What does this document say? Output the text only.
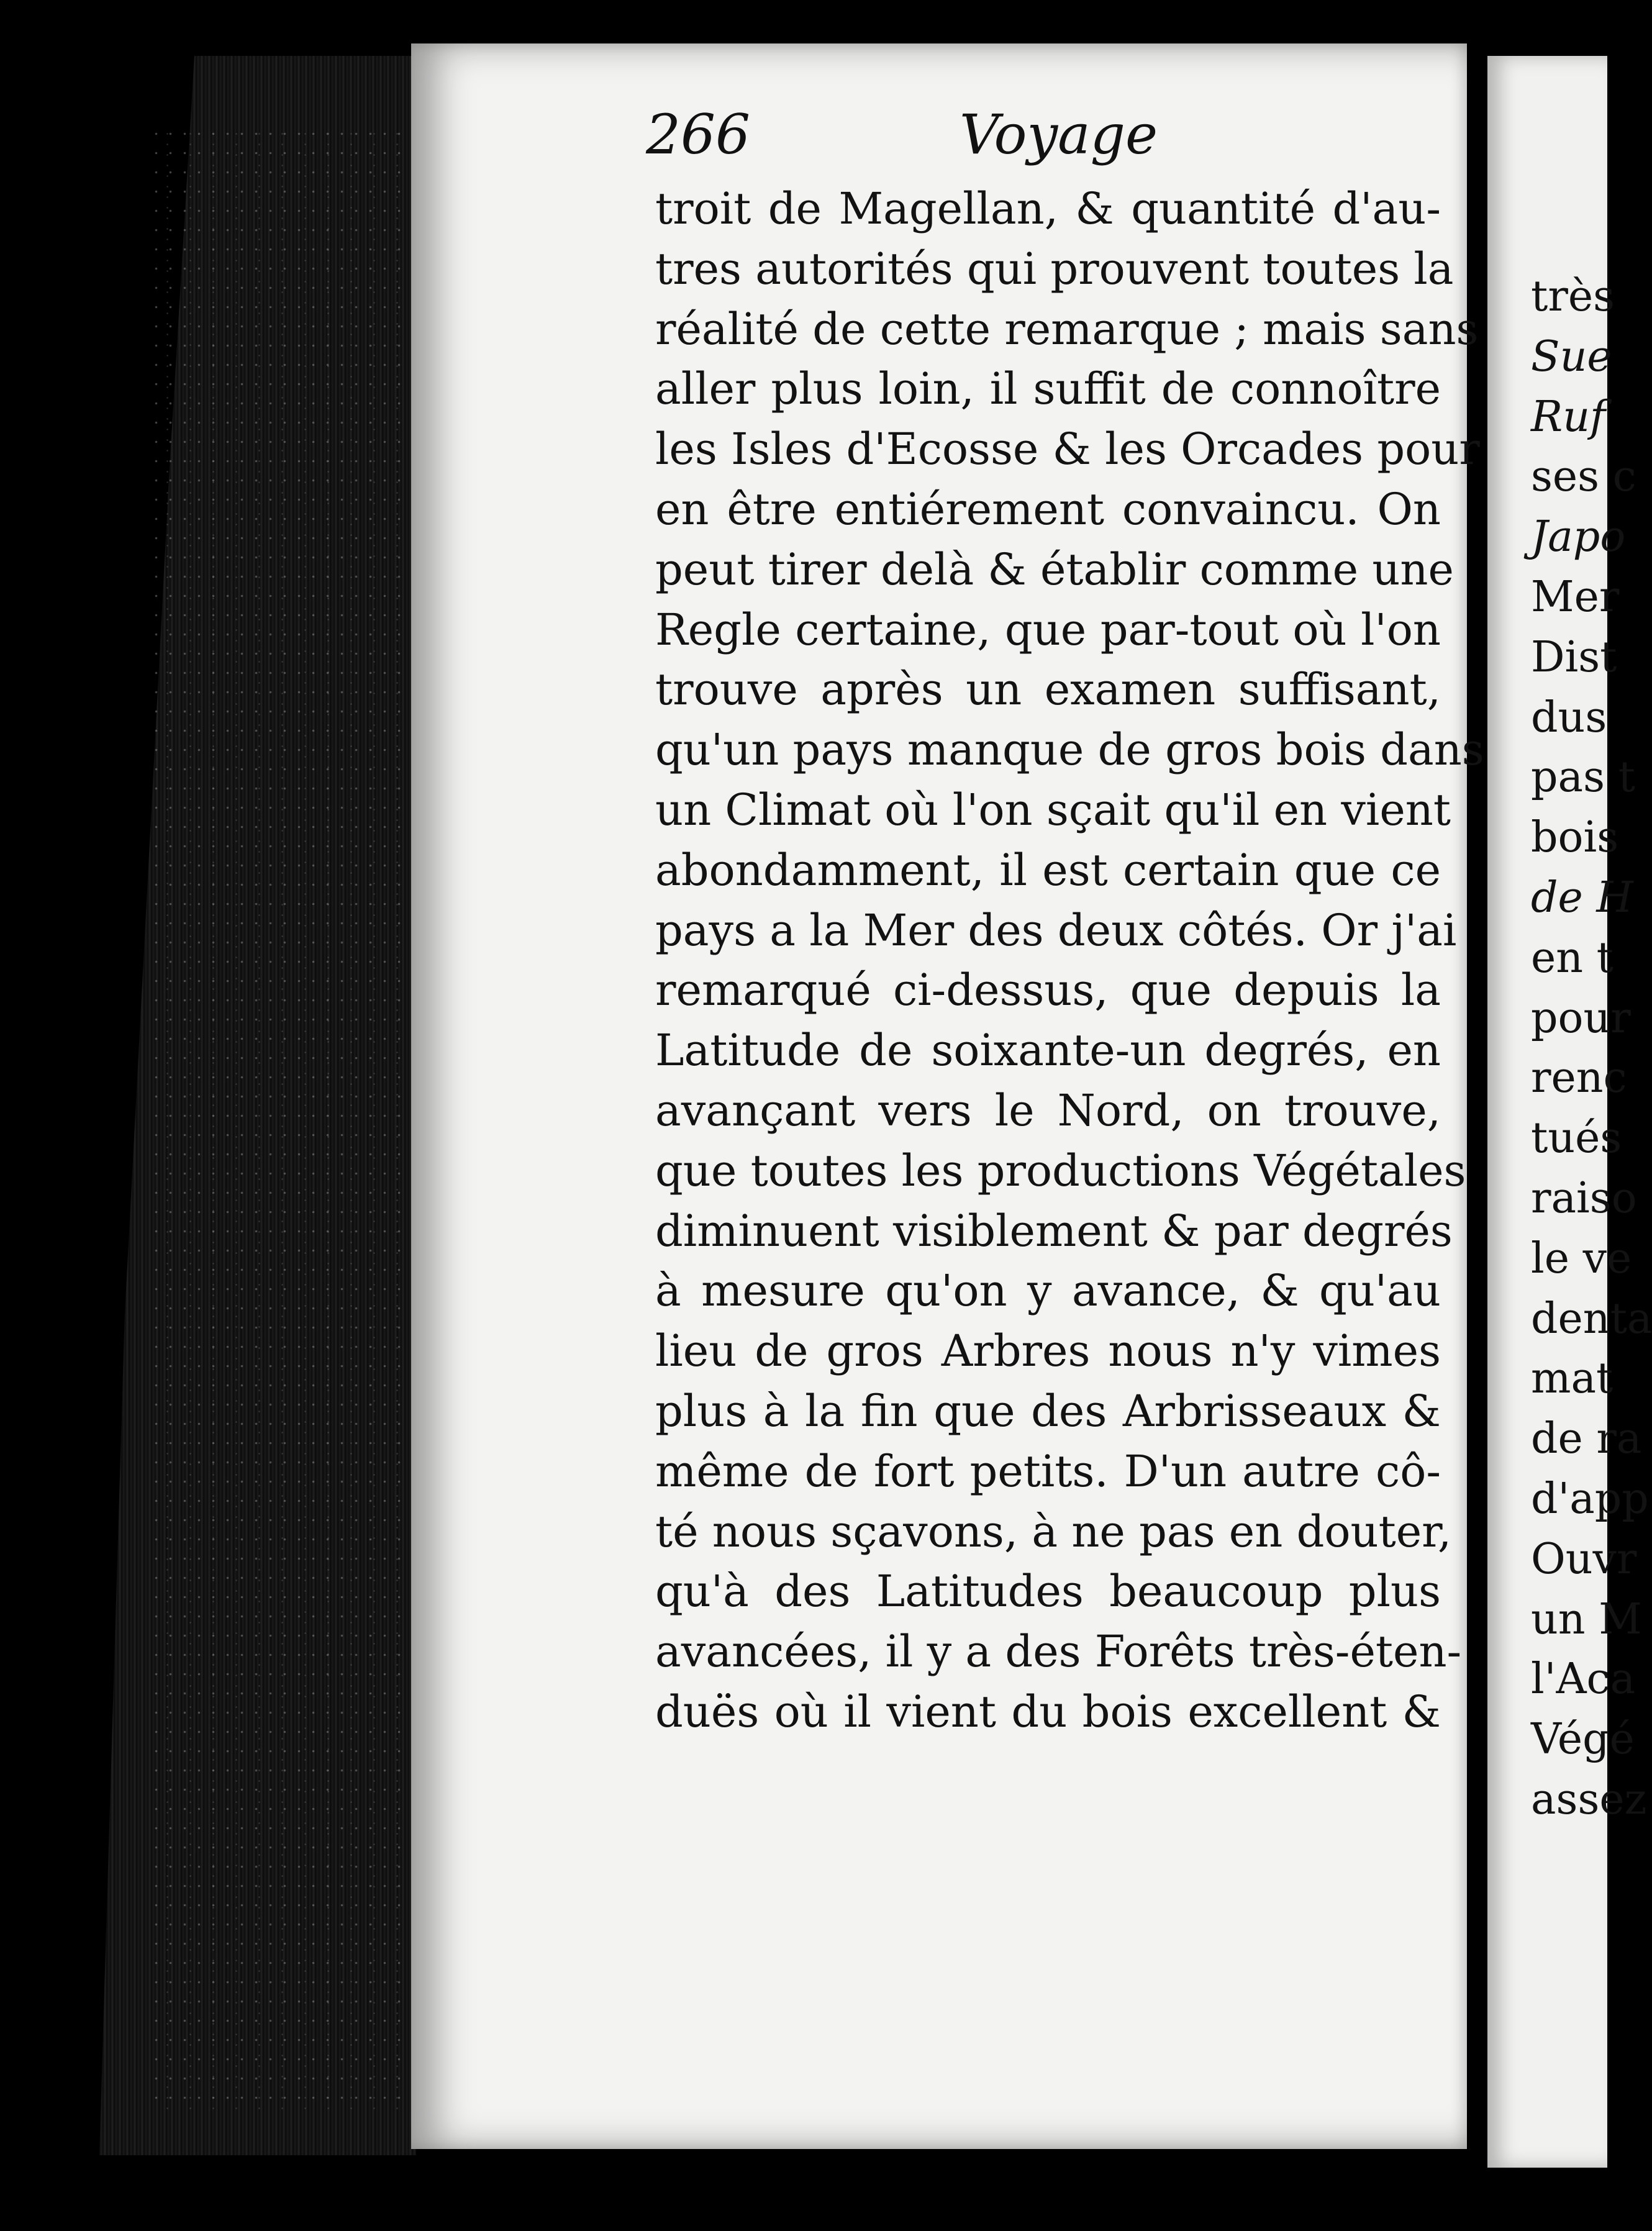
266	Voyage
troit de Magellan, & quantité d'au-
tres autorités qui prouvent toutes la
réalité de cette remarque ; mais sans
aller plus loin, il suffit de connoître
les Isles d'Ecosse & les Orcades pour
en être entiérement convaincu. On
peut tirer delà & établir comme une
Regle certaine, que par-tout où l'on
trouve après un examen suffisant,
qu'un pays manque de gros bois dans
un Climat où l'on sçait qu'il en vient
abondamment, il est certain que ce
pays a la Mer des deux côtés. Or j'ai
remarqué ci-dessus, que depuis la
Latitude de soixante-un degrés, en
avançant vers le Nord, on trouve,
que toutes les productions Végétales
diminuent visiblement & par degrés
à mesure qu'on y avance, & qu'au
lieu de gros Arbres nous n'y vimes
plus à la fin que des Arbrisseaux &
même de fort petits. D'un autre cô-
té nous sçavons, à ne pas en douter,
qu'à des Latitudes beaucoup plus
avancées, il y a des Forêts très-éten-
duës où il vient du bois excellent &
très
Sue
Ruf
ses c
Japo
Mer
Dist
dus
pas t
bois
de H
en t
pour
renc
tués
raiso
le ve
denta
mat
de ra
d'app
Ouvr
un M
l'Aca
Végé
assez
